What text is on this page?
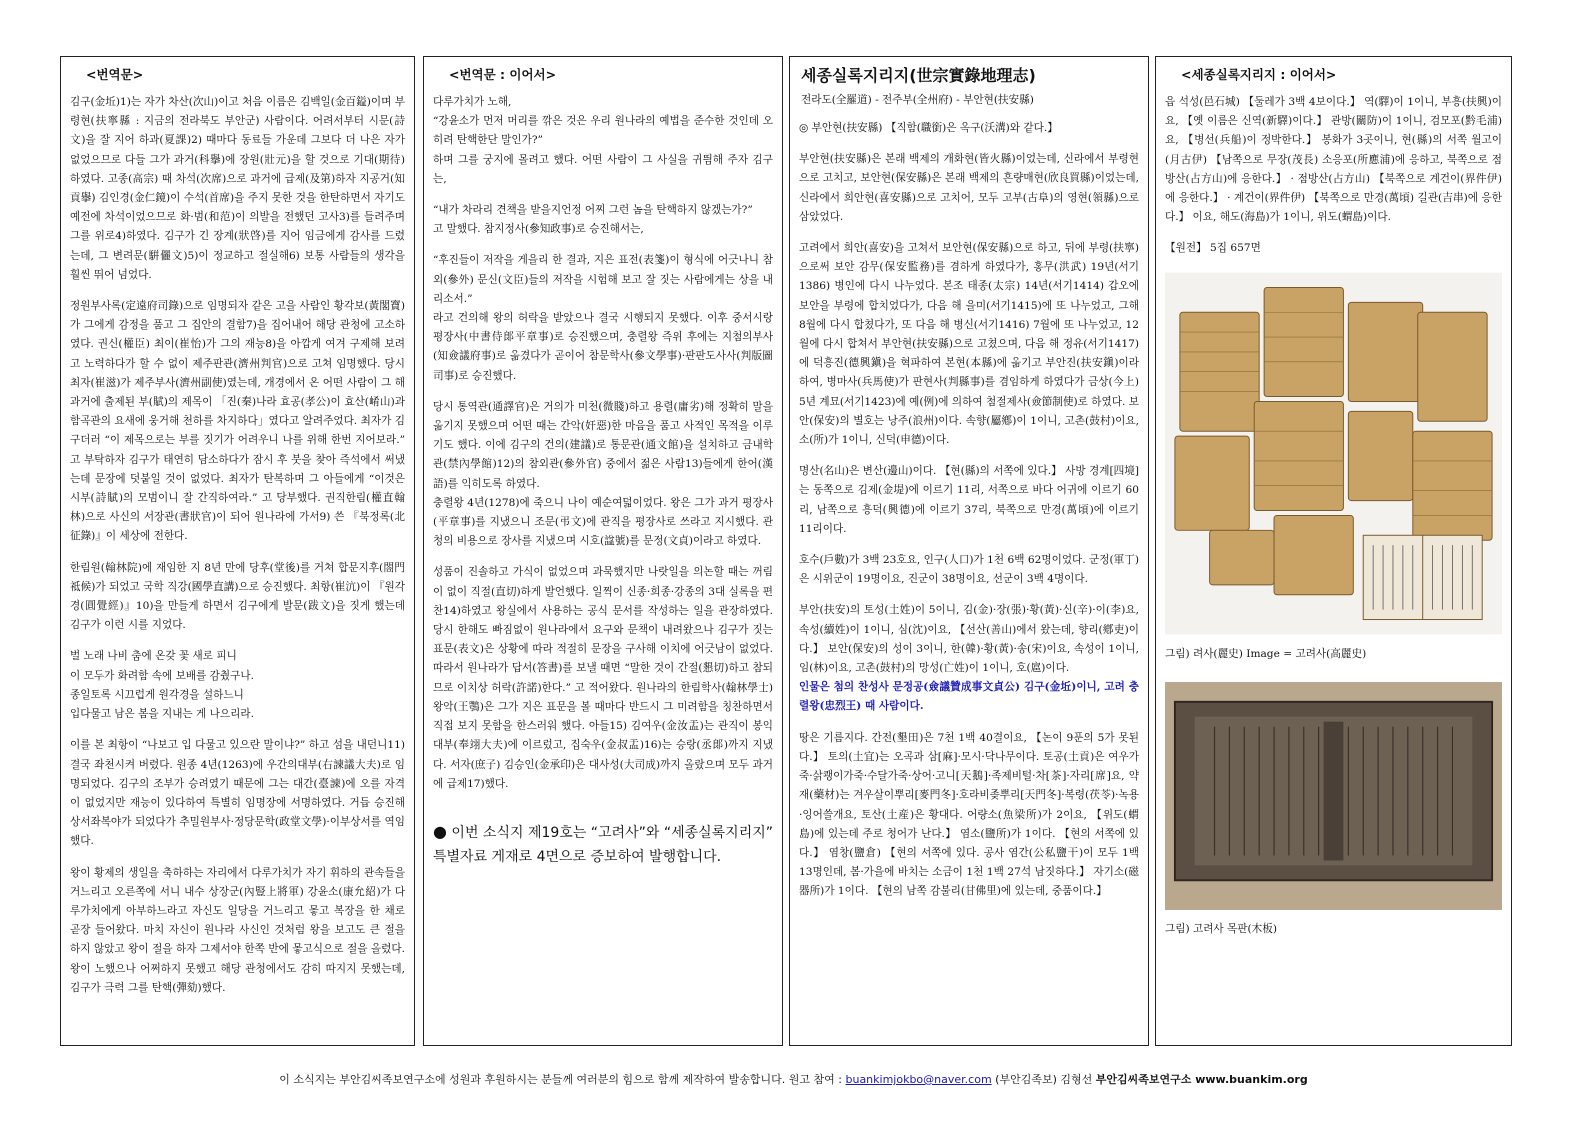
<번역문>
김구(金坵)1)는 자가 차산(次山)이고 처음 이름은 김백일(金百鎰)이며 부령현(扶寧縣 : 지금의 전라북도 부안군) 사람이다. 어려서부터 시문(詩文)을 잘 지어 하과(夏課)2) 때마다 동료들 가운데 그보다 더 나은 자가 없었으므로 다들 그가 과거(科擧)에 장원(壯元)을 할 것으로 기대(期待)하였다. 고종(高宗) 때 차석(次席)으로 과거에 급제(及第)하자 지공거(知貢擧) 김인경(金仁鏡)이 수석(首席)을 주지 못한 것을 한탄하면서 자기도 예전에 차석이었으므로 화·범(和范)이 의발을 전했던 고사3)를 들려주며 그를 위로4)하였다. 김구가 긴 장계(狀啓)를 지어 임금에게 감사를 드렸는데, 그 변려문(騈儷文)5)이 정교하고 절실해6) 보통 사람들의 생각을 훨씬 뛰어 넘었다.
정원부사록(定遠府司錄)으로 임명되자 같은 고을 사람인 황각보(黃閣寶)가 그에게 감정을 품고 그 집안의 결함7)을 집어내어 해당 관청에 고소하였다. 권신(權臣) 최이(崔怡)가 그의 재능8)을 아깝게 여겨 구제해 보려고 노력하다가 할 수 없이 제주판관(濟州判官)으로 고쳐 임명했다. 당시 최자(崔滋)가 제주부사(濟州副使)였는데, 개경에서 온 어떤 사람이 그 해 과거에 출제된 부(賦)의 제목이 「진(秦)나라 효공(孝公)이 효산(崤山)과 함곡관의 요새에 웅거해 천하를 차지하다」였다고 알려주었다. 최자가 김구더러 “이 제목으로는 부를 짓기가 어려우니 나를 위해 한번 지어보라.” 고 부탁하자 김구가 태연히 담소하다가 잠시 후 붓을 찾아 즉석에서 써냈는데 문장에 덧붙일 것이 없었다. 최자가 탄복하며 그 아들에게 “이것은 시부(詩賦)의 모범이니 잘 간직하여라.” 고 당부했다. 권직한림(權直翰林)으로 사신의 서장관(書狀官)이 되어 원나라에 가서9) 쓴 『북정록(北征錄)』이 세상에 전한다.
한림원(翰林院)에 재임한 지 8년 만에 당후(堂後)를 거쳐 합문지후(閤門祗候)가 되었고 국학 직강(國學直講)으로 승진했다. 최항(崔沆)이 『원각경(圓覺經)』10)을 만들게 하면서 김구에게 발문(跋文)을 짓게 했는데 김구가 이런 시를 지었다.
벌 노래 나비 춤에 온갖 꽃 새로 피니
이 모두가 화려함 속에 보배를 감췄구나.
종일토록 시끄럽게 원각경을 설하느니
입다물고 남은 봄을 지내는 게 나으리라.
이를 본 최항이 “나보고 입 다물고 있으란 말이냐?” 하고 섬을 내던니11) 결국 좌천시켜 버렸다. 원종 4년(1263)에 우간의대부(右諫議大夫)로 임명되었다. 김구의 조부가 승려였기 때문에 그는 대간(臺諫)에 오를 자격이 없었지만 재능이 있다하여 특별히 임명장에 서명하였다. 거듭 승진해 상서좌복야가 되었다가 추밀원부사·정당문학(政堂文學)·이부상서를 역임했다.
왕이 황제의 생일을 축하하는 자리에서 다루가치가 자기 휘하의 관속들을 거느리고 오른쪽에 서니 내수 상장군(內豎上將軍) 강윤소(康允紹)가 다루가치에게 아부하느라고 자신도 일당을 거느리고 뫃고 복장을 한 채로 곧장 들어왔다. 마치 자신이 원나라 사신인 것처럼 왕을 보고도 큰 절을 하지 않았고 왕이 절을 하자 그제서야 한쪽 반에 뫃고식으로 절을 올렸다. 왕이 노했으나 어쩌하지 못했고 해당 관청에서도 감히 따지지 못했는데, 김구가 극력 그를 탄핵(彈劾)했다.
<번역문 : 이어서>
다루가치가 노해,
“강윤소가 먼저 머리를 깎은 것은 우리 원나라의 예법을 준수한 것인데 오히려 탄핵한단 말인가?”
하며 그를 궁지에 몰려고 했다. 어떤 사람이 그 사실을 귀띔해 주자 김구는,
“내가 차라리 견책을 받을지언정 어찌 그런 놈을 탄핵하지 않겠는가?”
고 말했다. 참지정사(參知政事)로 승진해서는,
“후진들이 저작을 게을리 한 결과, 지은 표전(表箋)이 형식에 어긋나니 참외(參外) 문신(文臣)들의 저작을 시험해 보고 잘 짓는 사람에게는 상을 내리소서.”
라고 건의해 왕의 허락을 받았으나 결국 시행되지 못했다. 이후 중서시랑평장사(中書侍郞平章事)로 승진했으며, 충렬왕 즉위 후에는 지첨의부사(知僉議府事)로 옮겼다가 곧이어 참문학사(參文學事)·판판도사사(判版圖司事)로 승진했다.
당시 통역관(通譯官)은 거의가 미천(微賤)하고 용렬(庸劣)해 정확히 말을 옮기지 못했으며 어떤 때는 간악(奸惡)한 마음을 품고 사적인 목적을 이루기도 했다. 이에 김구의 건의(建議)로 통문관(通文館)을 설치하고 금내학관(禁內學館)12)의 참외관(參外官) 중에서 젊은 사람13)들에게 한어(漢語)를 익히도록 하였다.
충렬왕 4년(1278)에 죽으니 나이 예순여덟이었다. 왕은 그가 과거 평장사(平章事)를 지냈으니 조문(弔文)에 관직을 평장사로 쓰라고 지시했다. 관청의 비용으로 장사를 지냈으며 시호(諡號)를 문정(文貞)이라고 하였다.
성품이 진솔하고 가식이 없었으며 과묵했지만 나랏일을 의논할 때는 꺼림이 없이 직절(直切)하게 발언했다. 일찍이 신종·희종·강종의 3대 실록을 편찬14)하였고 왕실에서 사용하는 공식 문서를 작성하는 일을 관장하였다. 당시 한해도 빠짐없이 원나라에서 요구와 문책이 내려왔으나 김구가 짓는 표문(表文)은 상황에 따라 적절히 문장을 구사해 이치에 어긋남이 없었다. 따라서 원나라가 답서(答書)를 보낼 때면 “말한 것이 간절(懇切)하고 참되므로 이치상 허락(許諾)한다.” 고 적어왔다. 원나라의 한림학사(翰林學士) 왕악(王鶚)은 그가 지은 표문을 볼 때마다 반드시 그 미려함을 칭찬하면서 직접 보지 못함을 한스러워 했다. 아들15) 김여우(金汝盂)는 관직이 봉익대부(奉翊大夫)에 이르렀고, 집숙우(金叔盂)16)는 승랑(丞郞)까지 지냈다. 서자(庶子) 김승인(金承印)은 대사성(大司成)까지 올랐으며 모두 과거에 급제17)했다.
● 이번 소식지 제19호는 “고려사”와 “세종실록지리지” 특별자료 게재로 4면으로 증보하여 발행합니다.
세종실록지리지(世宗實錄地理志)
전라도(全羅道) - 전주부(全州府) - 부안현(扶安縣)
◎ 부안현(扶安縣) 【직함(職銜)은 옥구(沃溝)와 같다.】
부안현(扶安縣)은 본래 백제의 개화현(皆火縣)이었는데, 신라에서 부령현으로 고치고, 보안현(保安縣)은 본래 백제의 흔량매현(欣良買縣)이었는데, 신라에서 희안현(喜安縣)으로 고치어, 모두 고부(古阜)의 영현(領縣)으로 삼았었다.
고려에서 희안(喜安)을 고쳐서 보안현(保安縣)으로 하고, 뒤에 부령(扶寧)으로써 보안 감무(保安監務)를 겸하게 하였다가, 홍무(洪武) 19년(서기1386) 병인에 다시 나누었다. 본조 태종(太宗) 14년(서기1414) 갑오에 보안을 부령에 합치었다가, 다음 해 을미(서기1415)에 또 나누었고, 그해 8월에 다시 합쳤다가, 또 다음 해 병신(서기1416) 7월에 또 나누었고, 12월에 다시 합쳐서 부안현(扶安縣)으로 고쳤으며, 다음 해 정유(서기1417)에 덕흥진(德興鎭)을 혁파하여 본현(本縣)에 옮기고 부안진(扶安鎭)이라 하여, 병마사(兵馬使)가 판현사(判縣事)를 겸임하게 하였다가 금상(今上) 5년 계묘(서기1423)에 예(例)에 의하여 첨절제사(僉節制使)로 하였다. 보안(保安)의 별호는 낭주(浪州)이다. 속향(屬鄕)이 1이니, 고촌(鼓村)이요, 소(所)가 1이니, 신덕(申德)이다.
명산(名山)은 변산(邊山)이다. 【현(縣)의 서쪽에 있다.】 사방 경계[四境]는 동쪽으로 김제(金堤)에 이르기 11리, 서쪽으로 바다 어귀에 이르기 60리, 남쪽으로 흥덕(興德)에 이르기 37리, 북쪽으로 만경(萬頃)에 이르기 11리이다.
호수(戶數)가 3백 23호요, 인구(人口)가 1천 6백 62명이었다. 군정(軍丁)은 시위군이 19명이요, 진군이 38명이요, 선군이 3백 4명이다.
부안(扶安)의 토성(土姓)이 5이니, 김(金)·장(張)·황(黃)·신(辛)·이(李)요, 속성(續姓)이 1이니, 심(沈)이요, 【선산(善山)에서 왔는데, 향리(鄕吏)이다.】 보안(保安)의 성이 3이니, 한(韓)·황(黃)·송(宋)이요, 속성이 1이니, 임(林)이요, 고촌(鼓村)의 망성(亡姓)이 1이니, 호(扈)이다.
인물은 첨의 찬성사 문정공(僉議贊成事文貞公) 김구(金坵)이니, 고려 충렬왕(忠烈王) 때 사람이다.
땅은 기름지다. 간전(墾田)은 7천 1백 40결이요, 【논이 9푼의 5가 못된다.】 토의(土宜)는 오곡과 삼[麻]·모시·닥나무이다. 토공(土貢)은 여우가죽·삵쾡이가죽·수달가죽·상어·고니[天鵝]·족제비털·차[茶]·자리[席]요, 약재(藥材)는 겨우살이뿌리[麥門冬]·호라비좆뿌리[天門冬]·복령(茯苓)·녹용·잉어쓸개요, 토산(土産)은 황대다. 어량소(魚梁所)가 2이요, 【위도(蝟島)에 있는데 주로 청어가 난다.】 염소(鹽所)가 1이다. 【현의 서쪽에 있다.】 염창(鹽倉) 【현의 서쪽에 있다. 공사 염간(公私鹽干)이 모두 1백 13명인데, 봄·가을에 바치는 소금이 1천 1백 27석 남짓하다.】 자기소(磁器所)가 1이다. 【현의 남쪽 감불리(甘佛里)에 있는데, 중품이다.】
<세종실록지리지 : 이어서>
읍 석성(邑石城) 【둘레가 3백 4보이다.】 역(驛)이 1이니, 부흥(扶興)이요, 【옛 이름은 신역(新驛)이다.】 관방(關防)이 1이니, 검모포(黔毛浦)요, 【병선(兵船)이 정박한다.】 봉화가 3곳이니, 현(縣)의 서쪽 월고이(月古伊) 【남쪽으로 무장(茂長) 소응포(所應浦)에 응하고, 북쪽으로 점방산(占方山)에 응한다.】 · 점방산(占方山) 【북쪽으로 계건이(界件伊)에 응한다.】 · 계건이(界件伊) 【북쪽으로 만경(萬頃) 길관(吉串)에 응한다.】 이요, 해도(海島)가 1이니, 위도(蝟島)이다.
【원전】 5집 657면
그림) 려사(麗史) Image = 고려사(高麗史)
그림) 고려사 목판(木板)
이 소식지는 부안김씨족보연구소에 성원과 후원하시는 분들께 여러분의 힘으로 함께 제작하여 발송합니다. 원고 참여 : buankimjokbo@naver.com (부안김족보) 김형선 부안김씨족보연구소 www.buankim.org
